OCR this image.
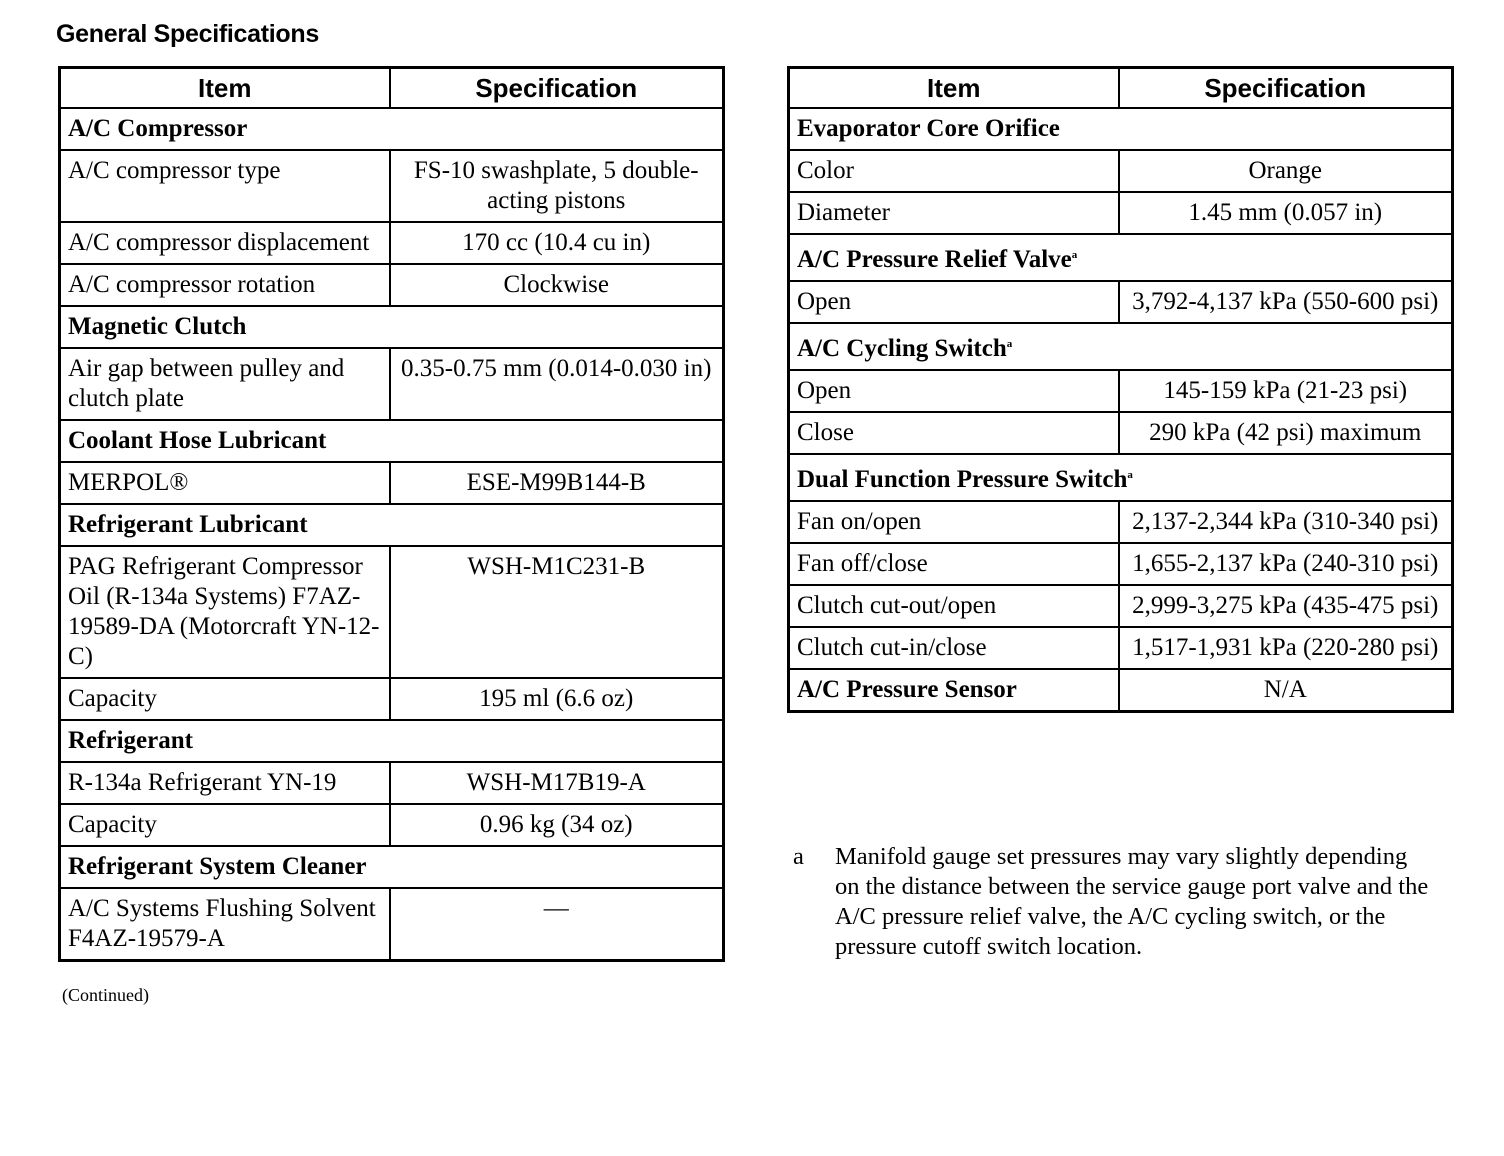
General Specifications
Item	Specification
A/C Compressor	
A/C compressor type	FS-10 swashplate, 5 double-acting pistons
A/C compressor displacement	170 cc (10.4 cu in)
A/C compressor rotation	Clockwise
Magnetic Clutch	
Air gap between pulley and clutch plate	0.35-0.75 mm (0.014-0.030 in)
Coolant Hose Lubricant	
MERPOL®	ESE-M99B144-B
Refrigerant Lubricant	
PAG Refrigerant Compressor Oil (R-134a Systems) F7AZ-19589-DA (Motorcraft YN-12-C)	WSH-M1C231-B
Capacity	195 ml (6.6 oz)
Refrigerant	
R-134a Refrigerant YN-19	WSH-M17B19-A
Capacity	0.96 kg (34 oz)
Refrigerant System Cleaner	
A/C Systems Flushing Solvent F4AZ-19579-A	—
Item	Specification
Evaporator Core Orifice	
Color	Orange
Diameter	1.45 mm (0.057 in)
A/C Pressure Relief Valve$^a$
Open	3,792-4,137 kPa (550-600 psi)
A/C Cycling Switch$^a$
Open	145-159 kPa (21-23 psi)
Close	290 kPa (42 psi) maximum
Dual Function Pressure Switch$^a$
Fan on/open	2,137-2,344 kPa (310-340 psi)
Fan off/close	1,655-2,137 kPa (240-310 psi)
Clutch cut-out/open	2,999-3,275 kPa (435-475 psi)
Clutch cut-in/close	1,517-1,931 kPa (220-280 psi)
A/C Pressure Sensor	N/A
a Manifold gauge set pressures may vary slightly depending on the distance between the service gauge port valve and the A/C pressure relief valve, the A/C cycling switch, or the pressure cutoff switch location.
(Continued)
